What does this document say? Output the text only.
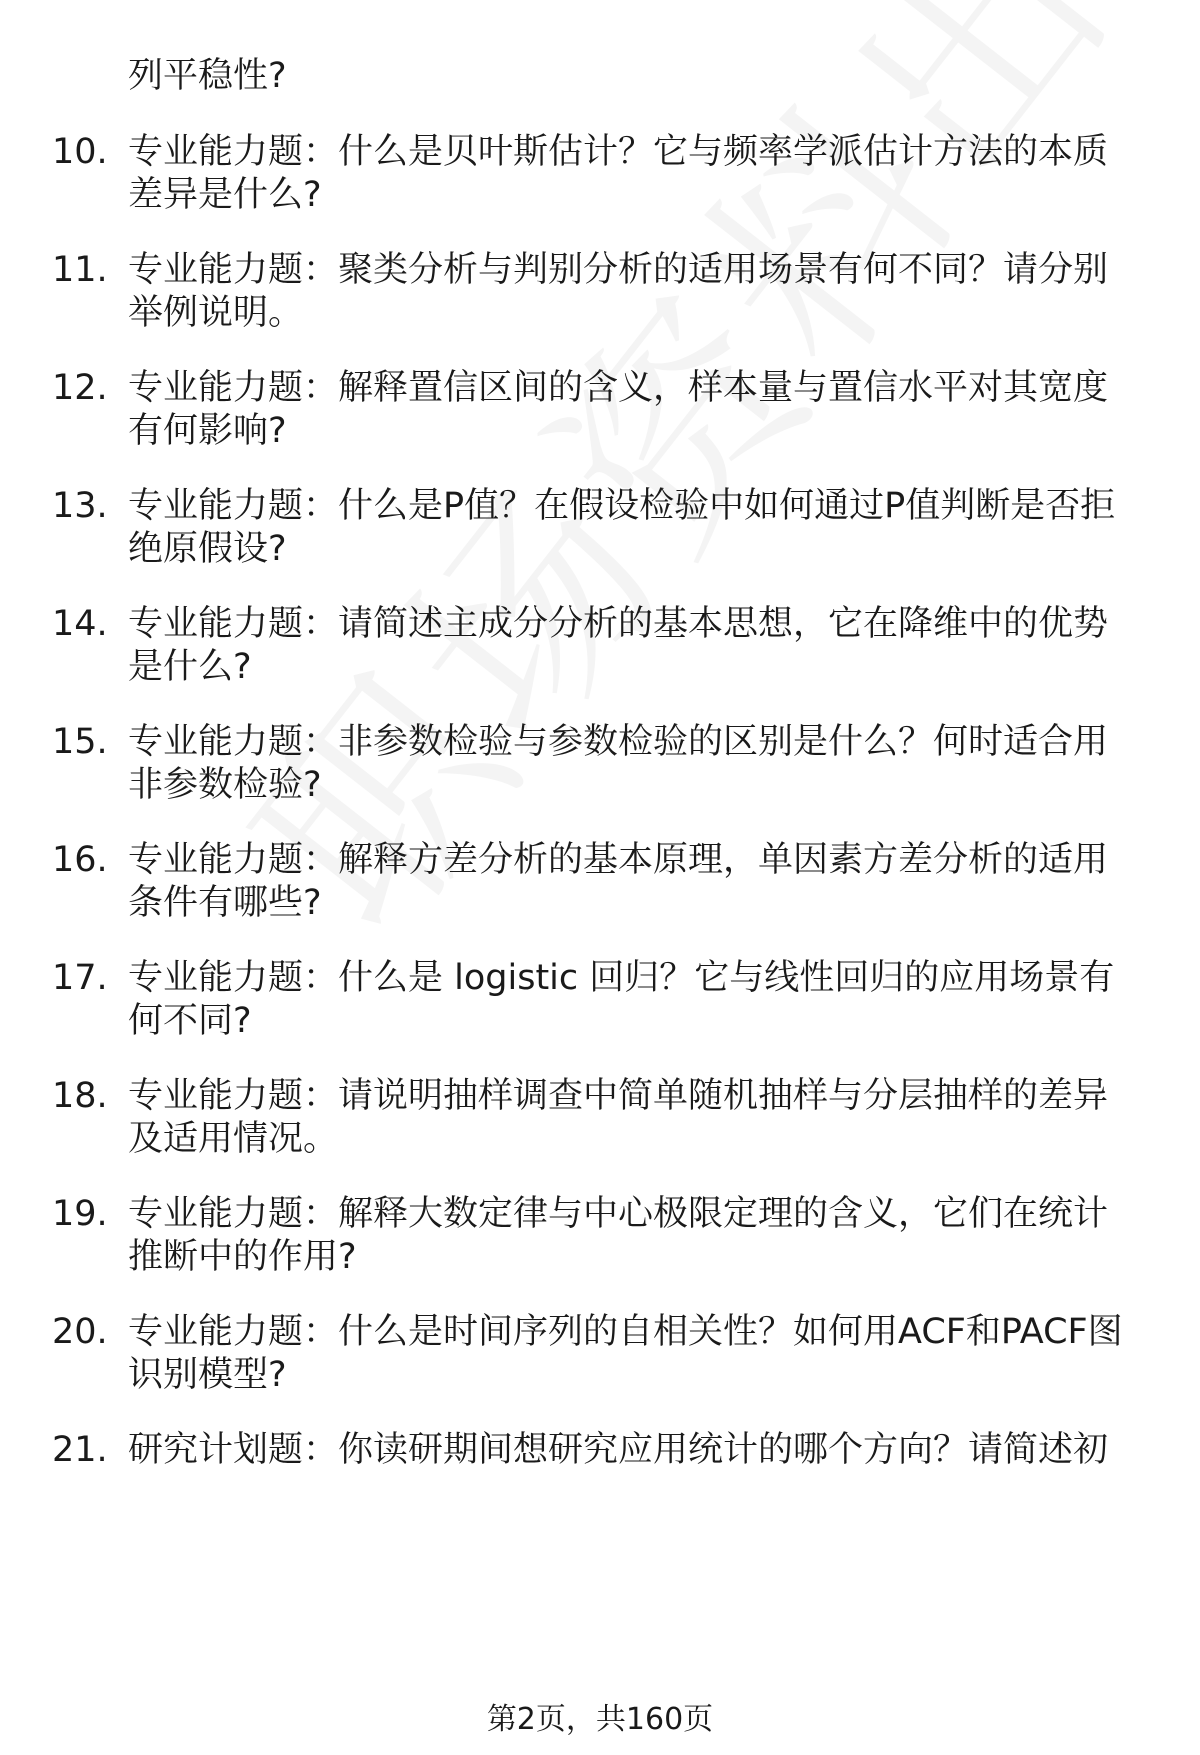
列平稳性?
10. 专业能力题：什么是贝叶斯估计？它与频率学派估计方法的本质
差异是什么?
11. 专业能力题：聚类分析与判别分析的适用场景有何不同？请分别
举例说明。
12. 专业能力题：解释置信区间的含义，样本量与置信水平对其宽度
有何影响?
13. 专业能力题：什么是P值？在假设检验中如何通过P值判断是否拒
绝原假设?
14. 专业能力题：请简述主成分分析的基本思想，它在降维中的优势
是什么?
15. 专业能力题：非参数检验与参数检验的区别是什么？何时适合用
非参数检验?
16. 专业能力题：解释方差分析的基本原理，单因素方差分析的适用
条件有哪些?
17. 专业能力题：什么是 logistic 回归？它与线性回归的应用场景有
何不同?
18. 专业能力题：请说明抽样调查中简单随机抽样与分层抽样的差异
及适用情况。
19. 专业能力题：解释大数定律与中心极限定理的含义，它们在统计
推断中的作用?
20. 专业能力题：什么是时间序列的自相关性？如何用ACF和PACF图
识别模型?
21. 研究计划题：你读研期间想研究应用统计的哪个方向？请简述初
第2页，共160页
